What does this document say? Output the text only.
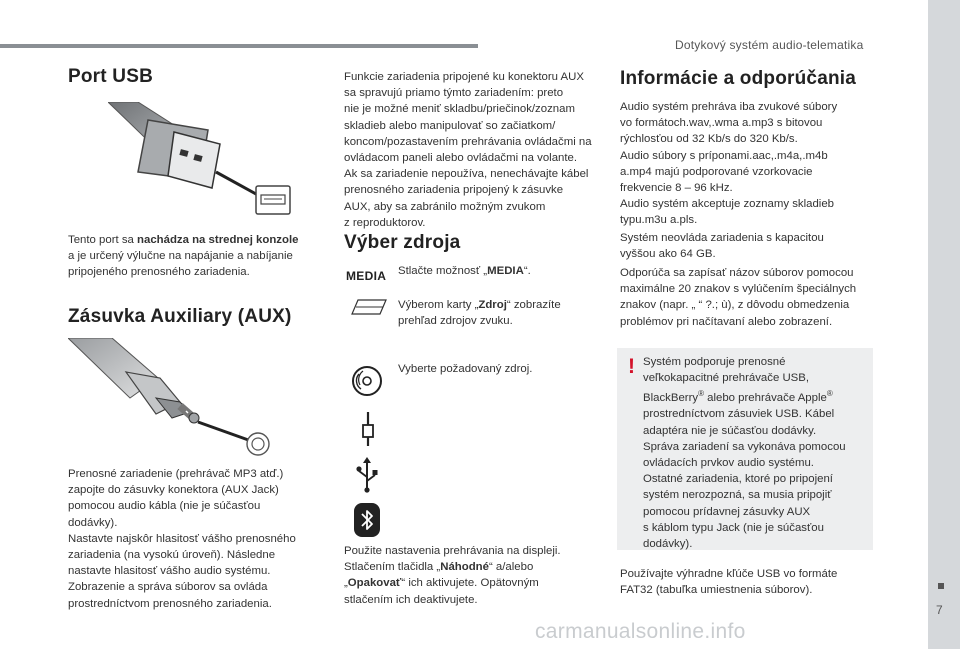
Dotykový systém audio-telematika
7
Port USB
Tento port sa nachádza na strednej konzole
a je určený výlučne na napájanie a nabíjanie
pripojeného prenosného zariadenia.
Zásuvka Auxiliary (AUX)
Prenosné zariadenie (prehrávač MP3 atď.)
zapojte do zásuvky konektora (AUX Jack)
pomocou audio kábla (nie je súčasťou
dodávky).
Nastavte najskôr hlasitosť vášho prenosného
zariadenia (na vysokú úroveň). Následne
nastavte hlasitosť vášho audio systému.
Zobrazenie a správa súborov sa ovláda
prostredníctvom prenosného zariadenia.
Funkcie zariadenia pripojené ku konektoru AUX
sa spravujú priamo týmto zariadením: preto
nie je možné meniť skladbu/priečinok/zoznam
skladieb alebo manipulovať so začiatkom/
koncom/pozastavením prehrávania ovládačmi na
ovládacom paneli alebo ovládačmi na volante.
Ak sa zariadenie nepoužíva, nenechávajte kábel
prenosného zariadenia pripojený k zásuvke
AUX, aby sa zabránilo možným zvukom
z reproduktorov.
Výber zdroja
MEDIA Stlačte možnosť „MEDIA“.
Výberom karty „Zdroj“ zobrazíte
prehľad zdrojov zvuku.
Vyberte požadovaný zdroj.
Použite nastavenia prehrávania na displeji.
Stlačením tlačidla „Náhodné“ a/alebo
„Opakovať“ ich aktivujete. Opätovným
stlačením ich deaktivujete.
Informácie a odporúčania
Audio systém prehráva iba zvukové súbory
vo formátoch.wav,.wma a.mp3 s bitovou
rýchlosťou od 32 Kb/s do 320 Kb/s.
Audio súbory s príponami.aac,.m4a,.m4b
a.mp4 majú podporované vzorkovacie
frekvencie 8 – 96 kHz.
Audio systém akceptuje zoznamy skladieb
typu.m3u a.pls.
Systém neovláda zariadenia s kapacitou
vyššou ako 64 GB.
Odporúča sa zapísať názov súborov pomocou
maximálne 20 znakov s vylúčením špeciálnych
znakov (napr. „ “ ?.; ù), z dôvodu obmedzenia
problémov pri načítavaní alebo zobrazení.
! Systém podporuje prenosné
veľkokapacitné prehrávače USB,
BlackBerry® alebo prehrávače Apple®
prostredníctvom zásuviek USB. Kábel
adaptéra nie je súčasťou dodávky.
Správa zariadení sa vykonáva pomocou
ovládacích prvkov audio systému.
Ostatné zariadenia, ktoré po pripojení
systém nerozpozná, sa musia pripojiť
pomocou prídavnej zásuvky AUX
s káblom typu Jack (nie je súčasťou
dodávky).
Používajte výhradne kľúče USB vo formáte
FAT32 (tabuľka umiestnenia súborov).
carmanualsonline.info
